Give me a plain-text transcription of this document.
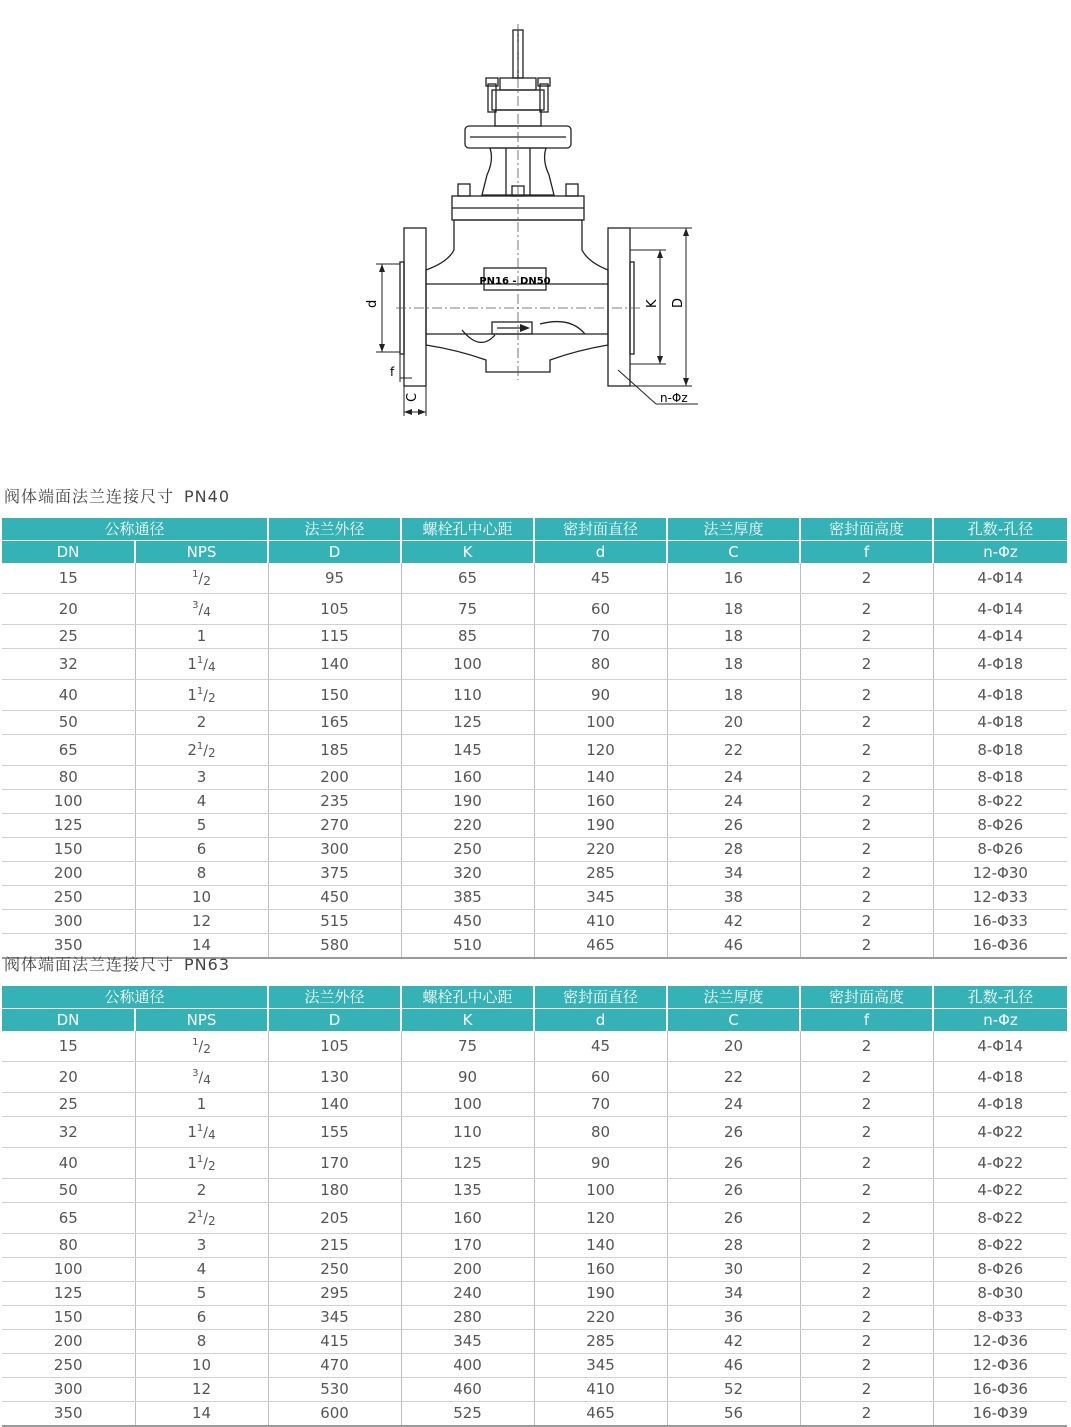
PN16 - DN50
d	K D
f
C	n-Φz
阀体端面法兰连接尺寸 PN40
公称通径		法兰外径	螺栓孔中心距	密封面直径	法兰厚度	密封面高度	孔数-孔径
DN	NPS	D	K	d	C	f	n-Φz
15	$^1/_2$	95	65	45	16	2	4-Φ14
20	$^3/_4$	105	75	60	18	2	4-Φ14
25	1	115	85	70	18	2	4-Φ14
32	$1^1/_4$	140	100	80	18	2	4-Φ18
40	$1^1/_2$	150	110	90	18	2	4-Φ18
50	2	165	125	100	20	2	4-Φ18
65	$2^1/_2$	185	145	120	22	2	8-Φ18
80	3	200	160	140	24	2	8-Φ18
100	4	235	190	160	24	2	8-Φ22
125	5	270	220	190	26	2	8-Φ26
150	6	300	250	220	28	2	8-Φ26
200	8	375	320	285	34	2	12-Φ30
250	10	450	385	345	38	2	12-Φ33
300	12	515	450	410	42	2	16-Φ33
350	14	580	510	465	46	2	16-Φ36
阀体端面法兰连接尺寸 PN63
公称通径		法兰外径	螺栓孔中心距	密封面直径	法兰厚度	密封面高度	孔数-孔径
DN	NPS	D	K	d	C	f	n-Φz
15	$^1/_2$	105	75	45	20	2	4-Φ14
20	$^3/_4$	130	90	60	22	2	4-Φ18
25	1	140	100	70	24	2	4-Φ18
32	$1^1/_4$	155	110	80	26	2	4-Φ22
40	$1^1/_2$	170	125	90	26	2	4-Φ22
50	2	180	135	100	26	2	4-Φ22
65	$2^1/_2$	205	160	120	26	2	8-Φ22
80	3	215	170	140	28	2	8-Φ22
100	4	250	200	160	30	2	8-Φ26
125	5	295	240	190	34	2	8-Φ30
150	6	345	280	220	36	2	8-Φ33
200	8	415	345	285	42	2	12-Φ36
250	10	470	400	345	46	2	12-Φ36
300	12	530	460	410	52	2	16-Φ36
350	14	600	525	465	56	2	16-Φ39
